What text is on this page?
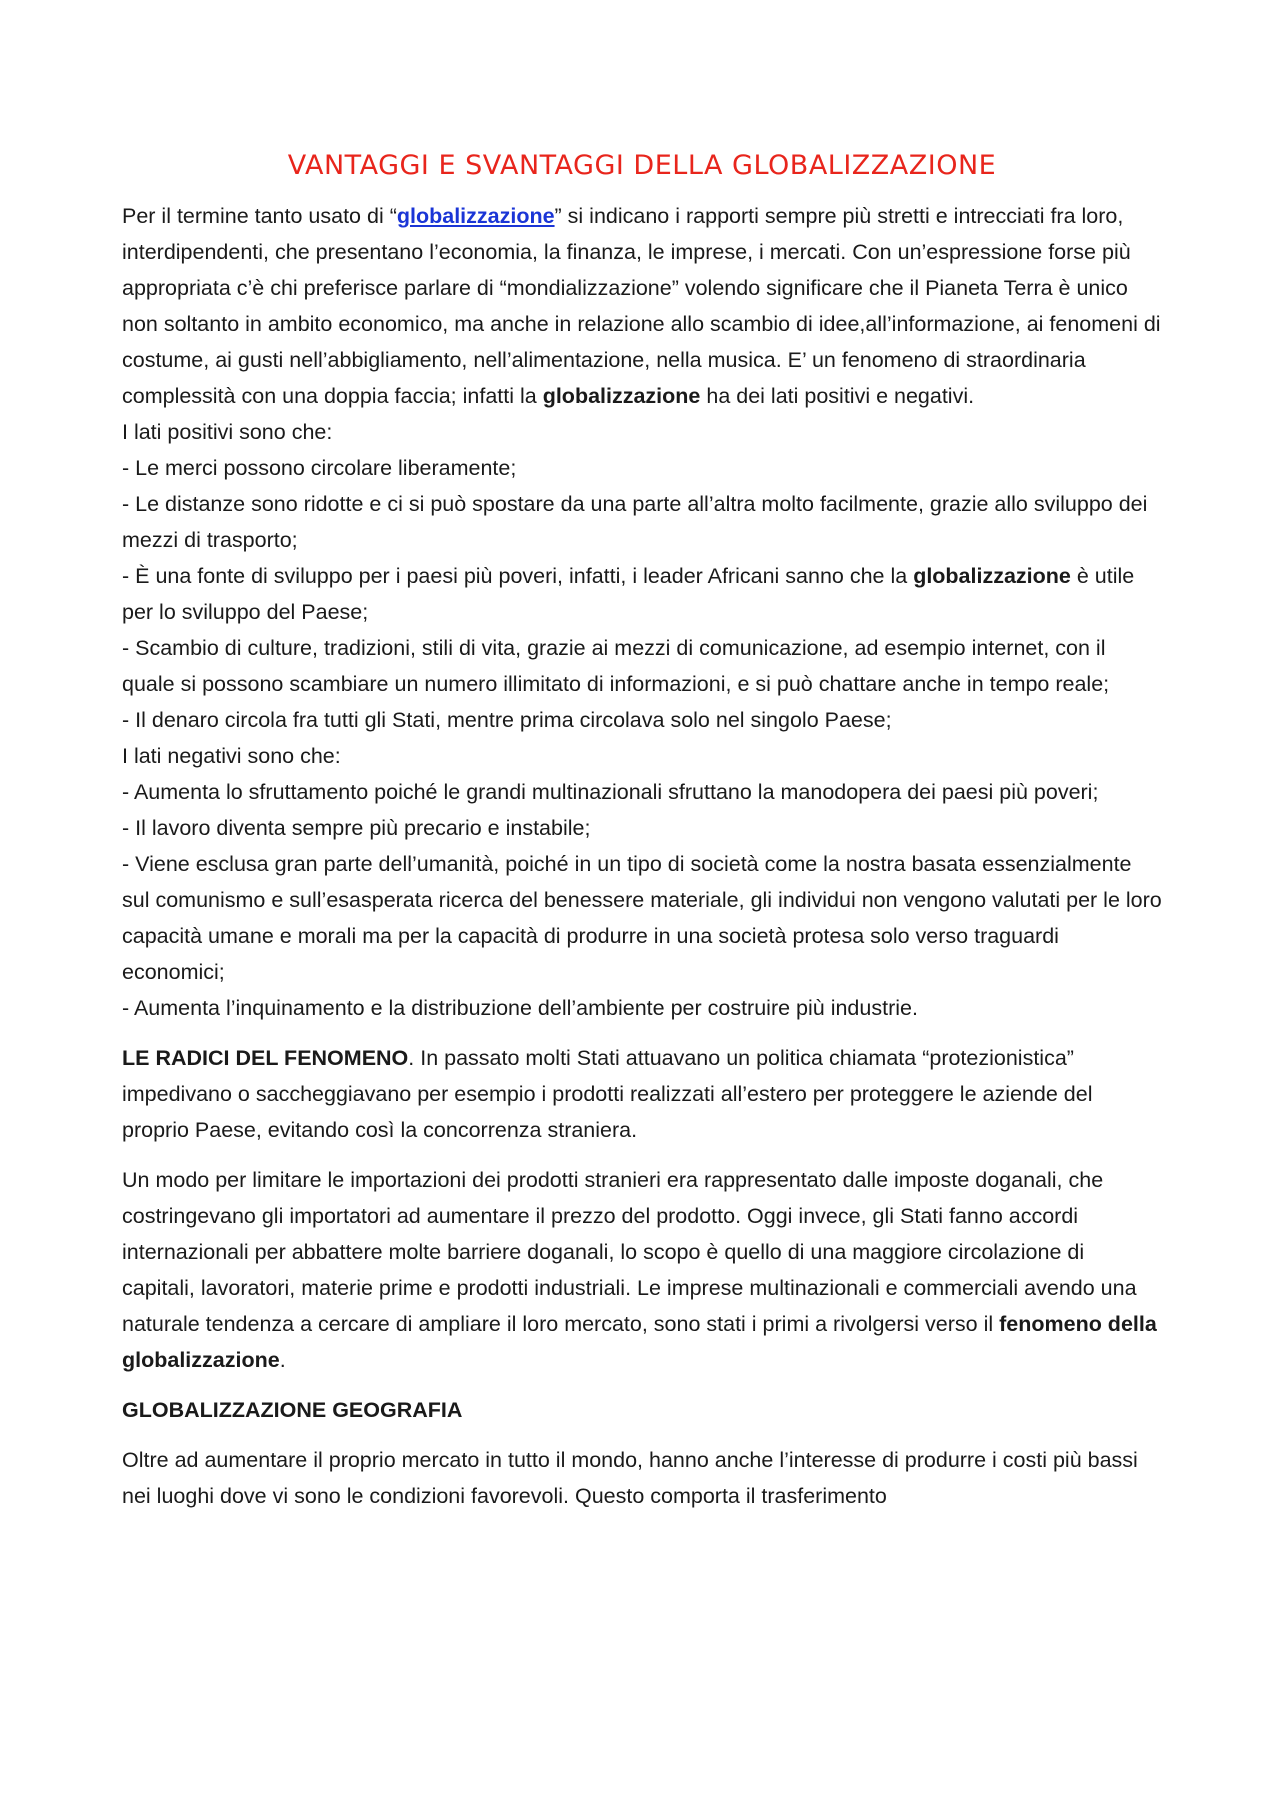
VANTAGGI E SVANTAGGI DELLA GLOBALIZZAZIONE

Per il termine tanto usato di “globalizzazione” si indicano i rapporti sempre più stretti e intrecciati fra loro, interdipendenti, che presentano l’economia, la finanza, le imprese, i mercati. Con un’espressione forse più appropriata c’è chi preferisce parlare di “mondializzazione” volendo significare che il Pianeta Terra è unico non soltanto in ambito economico, ma anche in relazione allo scambio di idee,all’informazione, ai fenomeni di costume, ai gusti nell’abbigliamento, nell’alimentazione, nella musica. E’ un fenomeno di straordinaria complessità con una doppia faccia; infatti la globalizzazione ha dei lati positivi e negativi.

I lati positivi sono che:

- Le merci possono circolare liberamente;

- Le distanze sono ridotte e ci si può spostare da una parte all’altra molto facilmente, grazie allo sviluppo dei mezzi di trasporto;

- È una fonte di sviluppo per i paesi più poveri, infatti, i leader Africani sanno che la globalizzazione è utile per lo sviluppo del Paese;

- Scambio di culture, tradizioni, stili di vita, grazie ai mezzi di comunicazione, ad esempio internet, con il quale si possono scambiare un numero illimitato di informazioni, e si può chattare anche in tempo reale;

- Il denaro circola fra tutti gli Stati, mentre prima circolava solo nel singolo Paese;

I lati negativi sono che:

- Aumenta lo sfruttamento poiché le grandi multinazionali sfruttano la manodopera dei paesi più poveri;

- Il lavoro diventa sempre più precario e instabile;

- Viene esclusa gran parte dell’umanità, poiché in un tipo di società come la nostra basata essenzialmente sul comunismo e sull’esasperata ricerca del benessere materiale, gli individui non vengono valutati per le loro capacità umane e morali ma per la capacità di produrre in una società protesa solo verso traguardi economici;

- Aumenta l’inquinamento e la distribuzione dell’ambiente per costruire più industrie.

LE RADICI DEL FENOMENO. In passato molti Stati attuavano un politica chiamata “protezionistica” impedivano o saccheggiavano per esempio i prodotti realizzati all’estero per proteggere le aziende del proprio Paese, evitando così la concorrenza straniera.

Un modo per limitare le importazioni dei prodotti stranieri era rappresentato dalle imposte doganali, che costringevano gli importatori ad aumentare il prezzo del prodotto. Oggi invece, gli Stati fanno accordi internazionali per abbattere molte barriere doganali, lo scopo è quello di una maggiore circolazione di capitali, lavoratori, materie prime e prodotti industriali. Le imprese multinazionali e commerciali avendo una naturale tendenza a cercare di ampliare il loro mercato, sono stati i primi a rivolgersi verso il fenomeno della globalizzazione.

GLOBALIZZAZIONE GEOGRAFIA

Oltre ad aumentare il proprio mercato in tutto il mondo, hanno anche l’interesse di produrre i costi più bassi nei luoghi dove vi sono le condizioni favorevoli. Questo comporta il trasferimento
